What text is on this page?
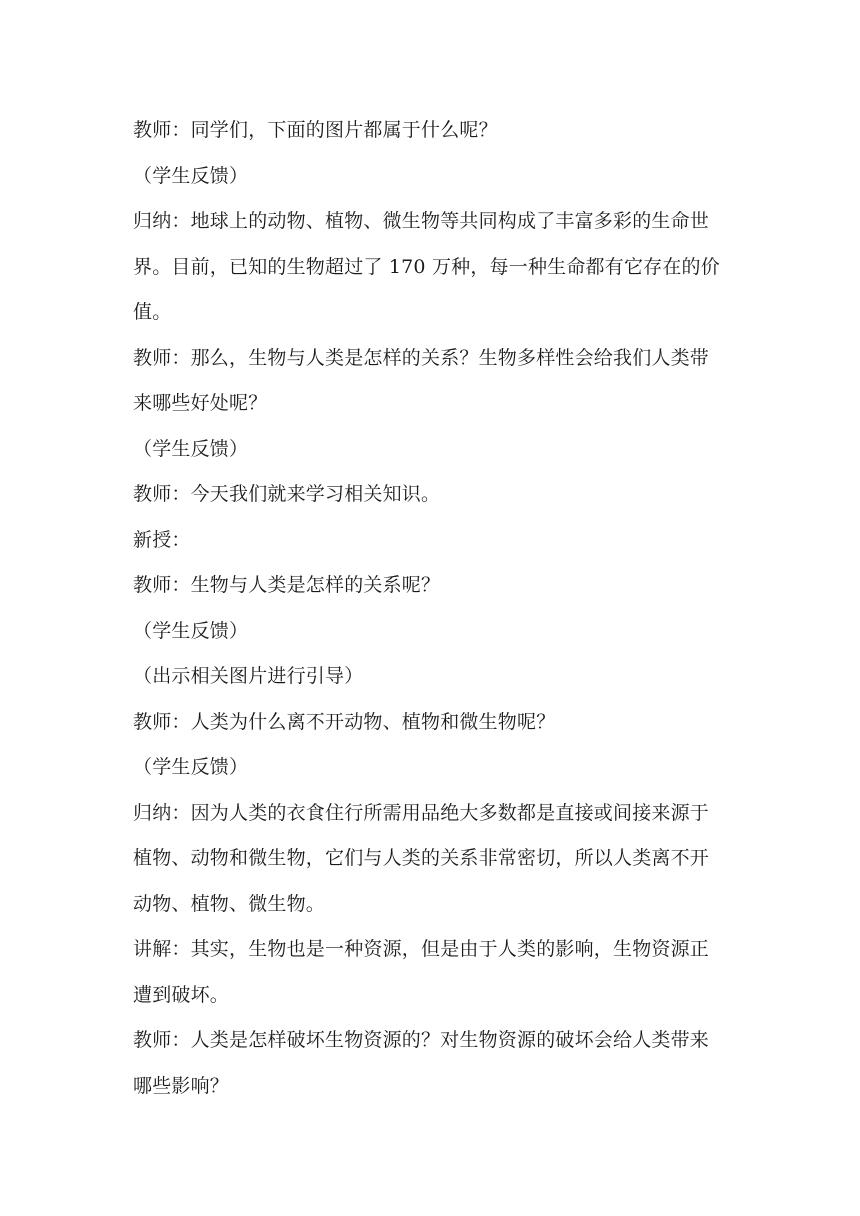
教师：同学们，下面的图片都属于什么呢？
（学生反馈）
归纳：地球上的动物、植物、微生物等共同构成了丰富多彩的生命世
界。目前，已知的生物超过了 170 万种，每一种生命都有它存在的价
值。
教师：那么，生物与人类是怎样的关系？生物多样性会给我们人类带
来哪些好处呢？
（学生反馈）
教师：今天我们就来学习相关知识。
新授：
教师：生物与人类是怎样的关系呢？
（学生反馈）
（出示相关图片进行引导）
教师：人类为什么离不开动物、植物和微生物呢？
（学生反馈）
归纳：因为人类的衣食住行所需用品绝大多数都是直接或间接来源于
植物、动物和微生物，它们与人类的关系非常密切，所以人类离不开
动物、植物、微生物。
讲解：其实，生物也是一种资源，但是由于人类的影响，生物资源正
遭到破坏。
教师：人类是怎样破坏生物资源的？对生物资源的破坏会给人类带来
哪些影响？
